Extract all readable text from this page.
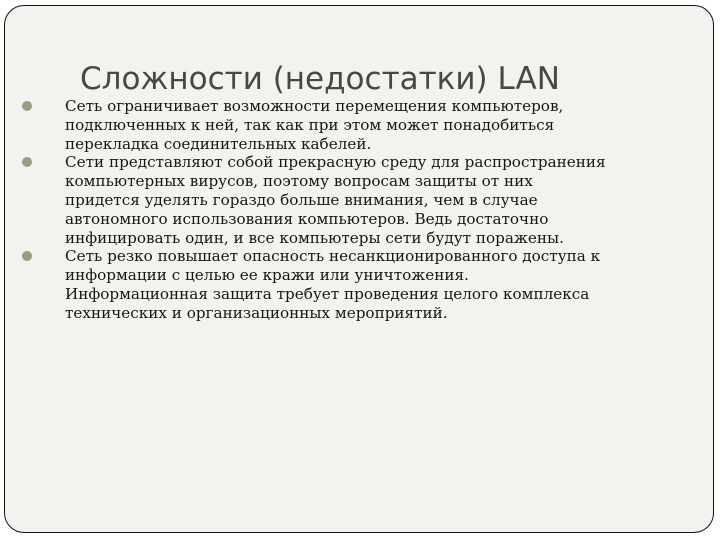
Сложности (недостатки) LAN
Сеть ограничивает возможности перемещения компьютеров,
подключенных к ней, так как при этом может понадобиться
перекладка соединительных кабелей.
Сети представляют собой прекрасную среду для распространения
компьютерных вирусов, поэтому вопросам защиты от них
придется уделять гораздо больше внимания, чем в случае
автономного использования компьютеров. Ведь достаточно
инфицировать один, и все компьютеры сети будут поражены.
Сеть резко повышает опасность несанкционированного доступа к
информации с целью ее кражи или уничтожения.
Информационная защита требует проведения целого комплекса
технических и организационных мероприятий.
